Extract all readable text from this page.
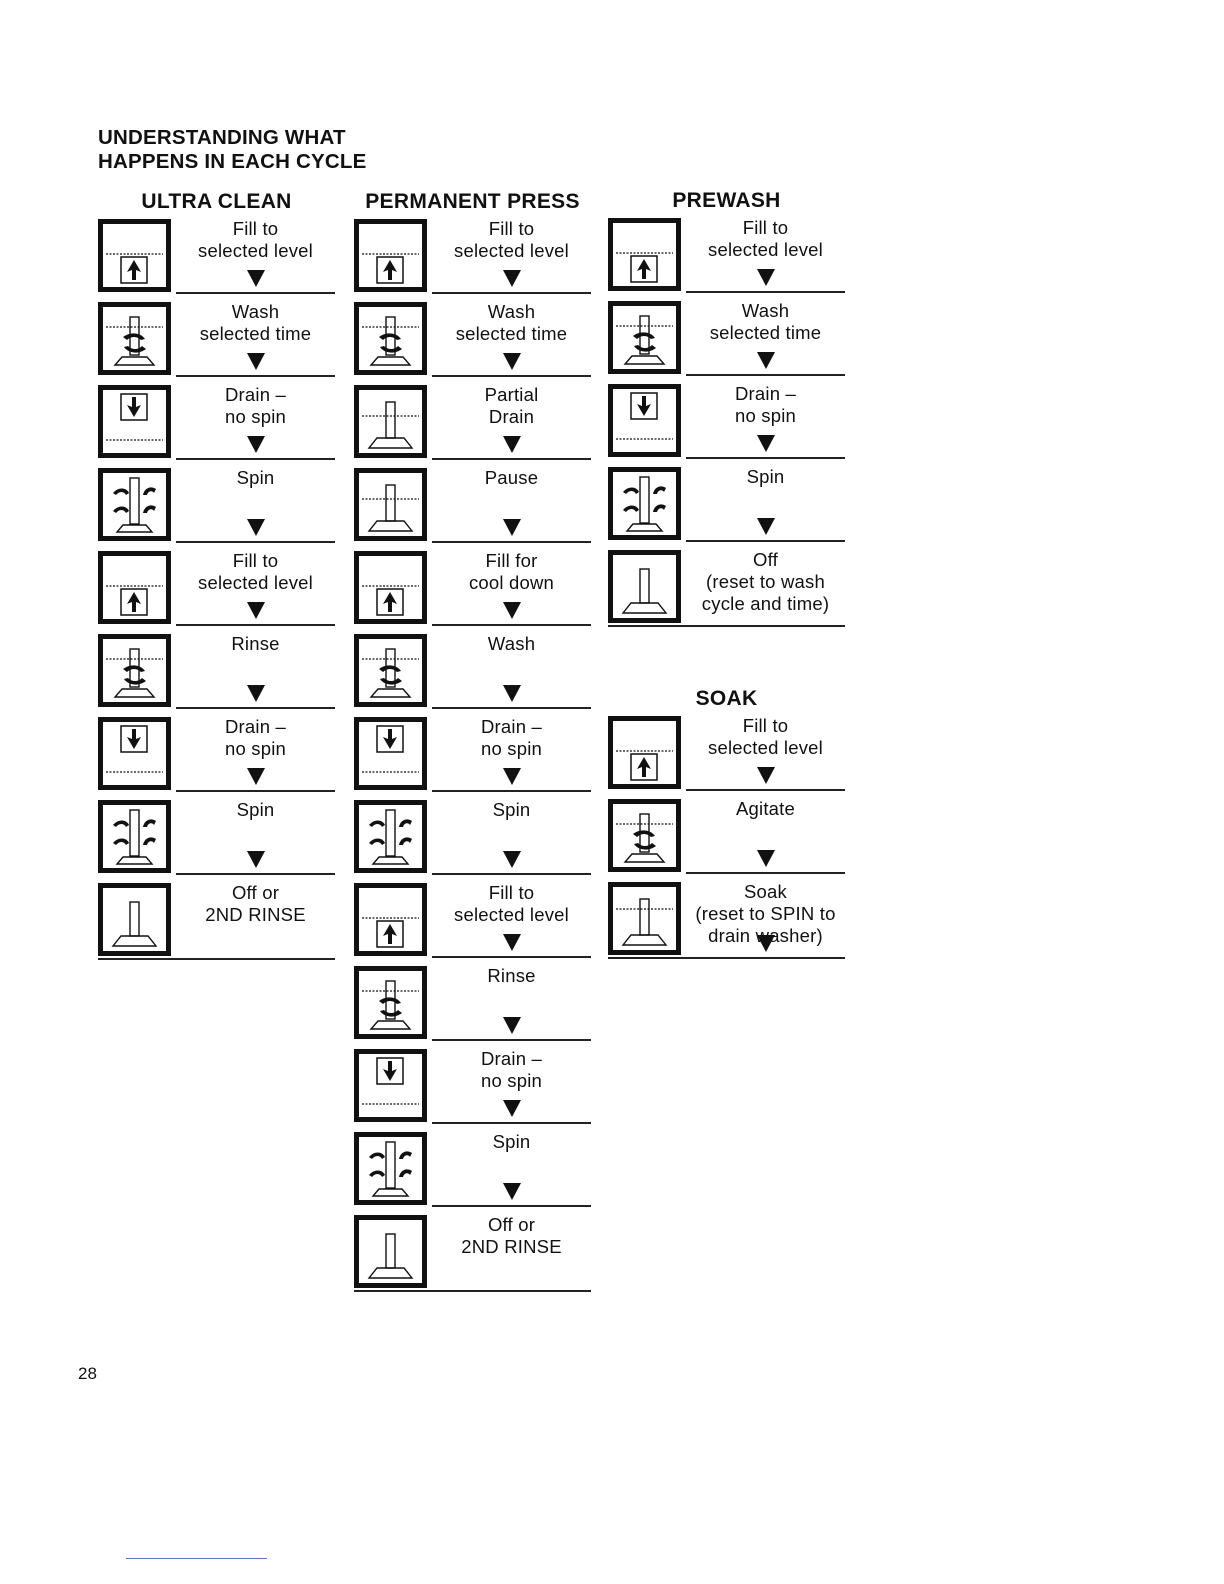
UNDERSTANDING WHAT
HAPPENS IN EACH CYCLE
ULTRA CLEAN
Fill to
selected level
Wash
selected time
Drain –
no spin
Spin

Fill to
selected level
Rinse

Drain –
no spin
Spin

Off or
2ND RINSE
PERMANENT PRESS
Fill to
selected level
Wash
selected time
Partial
Drain
Pause

Fill for
cool down
Wash

Drain –
no spin
Spin

Fill to
selected level
Rinse

Drain –
no spin
Spin

Off or
2ND RINSE
PREWASH
Fill to
selected level
Wash
selected time
Drain –
no spin
Spin

Off
(reset to wash
cycle and time)
SOAK
Fill to
selected level
Agitate

Soak
(reset to SPIN to
drain washer)
28
